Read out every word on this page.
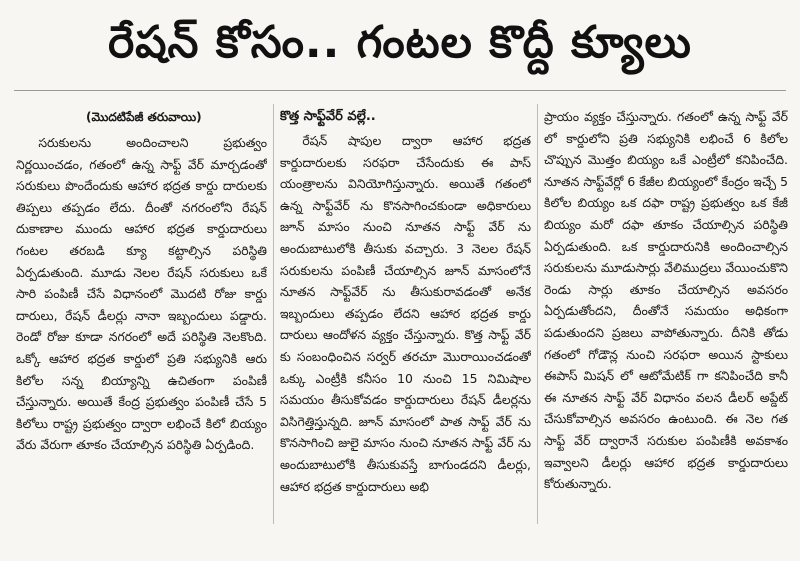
రేషన్ కోసం.. గంటల కొద్దీ క్యూలు
(మొదటిపేజీ తరువాయి)

సరుకులను అందించాలని ప్రభుత్వం నిర్ణయించడం, గతంలో ఉన్న సాఫ్ట్ వేర్ మార్చడంతో సరుకులు పొందేందుకు ఆహార భద్రత కార్డు దారులకు తిప్పలు తప్పడం లేదు. దీంతో నగరంలోని రేషన్ దుకాణాల ముందు ఆహార భద్రత కార్డుదారులు గంటల తరబడి క్యూ కట్టాల్సిన పరిస్థితి ఏర్పడుతుంది. మూడు నెలల రేషన్ సరుకులు ఒకే సారి పంపిణీ చేసే విధానంలో మొదటి రోజు కార్డు దారులు, రేషన్ డీలర్లు నానా ఇబ్బందులు పడ్డారు. రెండో రోజు కూడా నగరంలో అదే పరిస్థితి నెలకొంది. ఒక్కో ఆహార భద్రత కార్డులో ప్రతి సభ్యునికి ఆరు కిలోల సన్న బియ్యాన్ని ఉచితంగా పంపిణీ చేస్తున్నారు. అయితే కేంద్ర ప్రభుత్వం పంపిణీ చేసే 5 కిలోలు రాష్ట్ర ప్రభుత్వం ద్వారా లభించే కిలో బియ్యం వేరు వేరుగా తూకం చేయాల్సిన పరిస్థితి ఏర్పడింది.

కొత్త సాఫ్ట్‌వేర్ వల్లే..

రేషన్ షాపుల ద్వారా ఆహార భద్రత కార్డుదారులకు సరఫరా చేసేందుకు ఈ పాస్ యంత్రాలను వినియోగిస్తున్నారు. అయితే గతంలో ఉన్న సాఫ్ట్‌వేర్ ను కొనసాగించకుండా అధికారులు జూన్ మాసం నుంచి నూతన సాఫ్ట్ వేర్ ను అందుబాటులోకి తీసుకు వచ్చారు. 3 నెలల రేషన్ సరుకులను పంపిణీ చేయాల్సిన జూన్ మాసంలోనే నూతన సాఫ్ట్‌వేర్ ను తీసుకురావడంతో అనేక ఇబ్బందులు తప్పడం లేదని ఆహార భద్రత కార్డు దారులు ఆందోళన వ్యక్తం చేస్తున్నారు. కొత్త సాఫ్ట్ వేర్ కు సంబంధించిన సర్వర్ తరచూ మొరాయించడంతో ఒక్కు ఎంట్రీకి కనీసం 10 నుంచి 15 నిమిషాల సమయం తీసుకోవడం కార్డుదారులు రేషన్ డీలర్లను విసిగెత్తిస్తున్నది. జూన్ మాసంలో పాత సాఫ్ట్ వేర్ ను కొనసాగించి జులై మాసం నుంచి నూతన సాఫ్ట్ వేర్ ను అందుబాటులోకి తీసుకువస్తే బాగుండదని డీలర్లు, ఆహార భద్రత కార్డుదారులు అభి

ప్రాయం వ్యక్తం చేస్తున్నారు. గతంలో ఉన్న సాఫ్ట్ వేర్ లో కార్డులోని ప్రతి సభ్యునికి లభించే 6 కిలోల చొప్పున మొత్తం బియ్యం ఒకే ఎంట్రీలో కనిపించేది. నూతన సాఫ్ట్‌వేర్లో 6 కేజీల బియ్యంలో కేంద్రం ఇచ్చే 5 కిలోల బియ్యం ఒక దఫా రాష్ట్ర ప్రభుత్వం ఒక కేజీ బియ్యం మరో దఫా తూకం చేయాల్సిన పరిస్థితి ఏర్పడుతుంది. ఒక కార్డుదారునికి అందించాల్సిన సరుకులను మూడుసార్లు వేలిముద్రలు వేయించుకొని రెండు సార్లు తూకం చేయాల్సిన అవసరం ఏర్పడుతోందని, దీంతోనే సమయం అధికంగా పడుతుందని ప్రజలు వాపోతున్నారు. దీనికి తోడు గతంలో గోడౌన్ల నుంచి సరఫరా అయిన స్టాకులు ఈపాస్ మిషన్ లో ఆటోమేటిక్ గా కనిపించేది కానీ ఈ నూతన సాఫ్ట్ వేర్ విధానం వలన డీలర్ అప్డేట్ చేసుకోవాల్సిన అవసరం ఉంటుంది. ఈ నెల గత సాఫ్ట్ వేర్ ద్వారానే సరుకుల పంపిణీకి అవకాశం ఇవ్వాలని డీలర్లు ఆహార భద్రత కార్డుదారులు కోరుతున్నారు.
